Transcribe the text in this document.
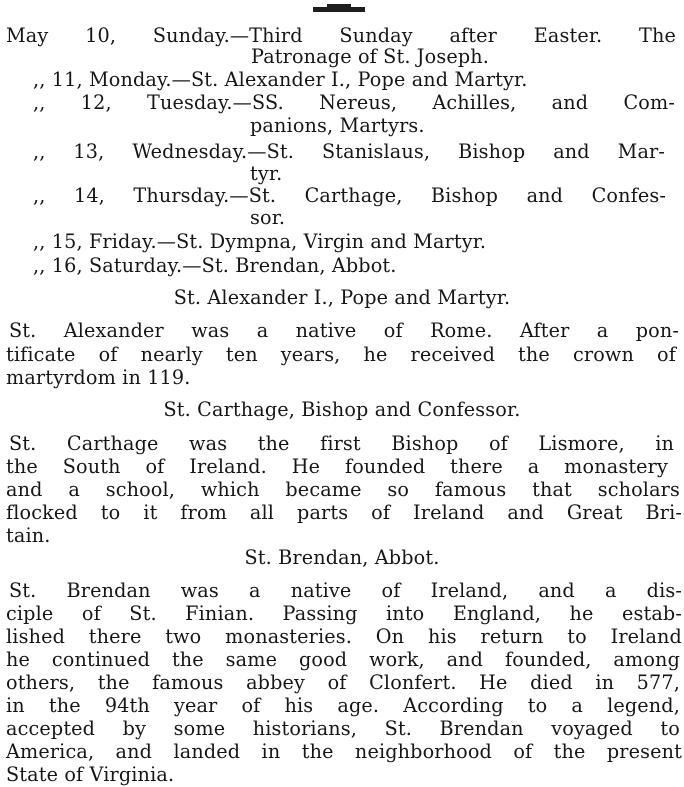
May 10, Sunday.—Third Sunday after Easter. The
Patronage of St. Joseph.
,, 11, Monday.—St. Alexander I., Pope and Martyr.
,, 12, Tuesday.—SS. Nereus, Achilles, and Com-
panions, Martyrs.
,, 13, Wednesday.—St. Stanislaus, Bishop and Mar-
tyr.
,, 14, Thursday.—St. Carthage, Bishop and Confes-
sor.
,, 15, Friday.—St. Dympna, Virgin and Martyr.
,, 16, Saturday.—St. Brendan, Abbot.
St. Alexander I., Pope and Martyr.
St. Alexander was a native of Rome. After a pon-
tificate of nearly ten years, he received the crown of
martyrdom in 119.
St. Carthage, Bishop and Confessor.
St. Carthage was the first Bishop of Lismore, in
the South of Ireland. He founded there a monastery
and a school, which became so famous that scholars
flocked to it from all parts of Ireland and Great Bri-
tain.
St. Brendan, Abbot.
St. Brendan was a native of Ireland, and a dis-
ciple of St. Finian. Passing into England, he estab-
lished there two monasteries. On his return to Ireland
he continued the same good work, and founded, among
others, the famous abbey of Clonfert. He died in 577,
in the 94th year of his age. According to a legend,
accepted by some historians, St. Brendan voyaged to
America, and landed in the neighborhood of the present
State of Virginia.
